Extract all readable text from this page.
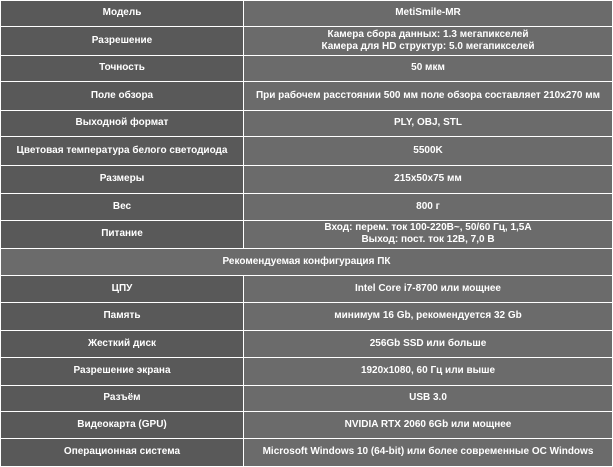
Модель	MetiSmile-MR

Разрешение	Камера сбора данных: 1.3 мегапикселей
Камера для HD структур: 5.0 мегапикселей

Точность	50 мкм

Поле обзора	При рабочем расстоянии 500 мм поле обзора составляет 210x270 мм

Выходной формат	PLY, OBJ, STL

Цветовая температура белого светодиода	5500K

Размеры	215x50x75 мм

Вес	800 г

Питание	Вход: перем. ток 100-220В~, 50/60 Гц, 1,5А
Выход: пост. ток 12В, 7,0 В

Рекомендуемая конфигурация ПК	
ЦПУ	Intel Core i7-8700 или мощнее

Память	минимум 16 Gb, рекомендуется 32 Gb

Жесткий диск	256Gb SSD или больше

Разрешение экрана	1920x1080, 60 Гц или выше

Разъём	USB 3.0

Видеокарта (GPU)	NVIDIA RTX 2060 6Gb или мощнее

Операционная система	Microsoft Windows 10 (64-bit) или более современные ОС Windows
